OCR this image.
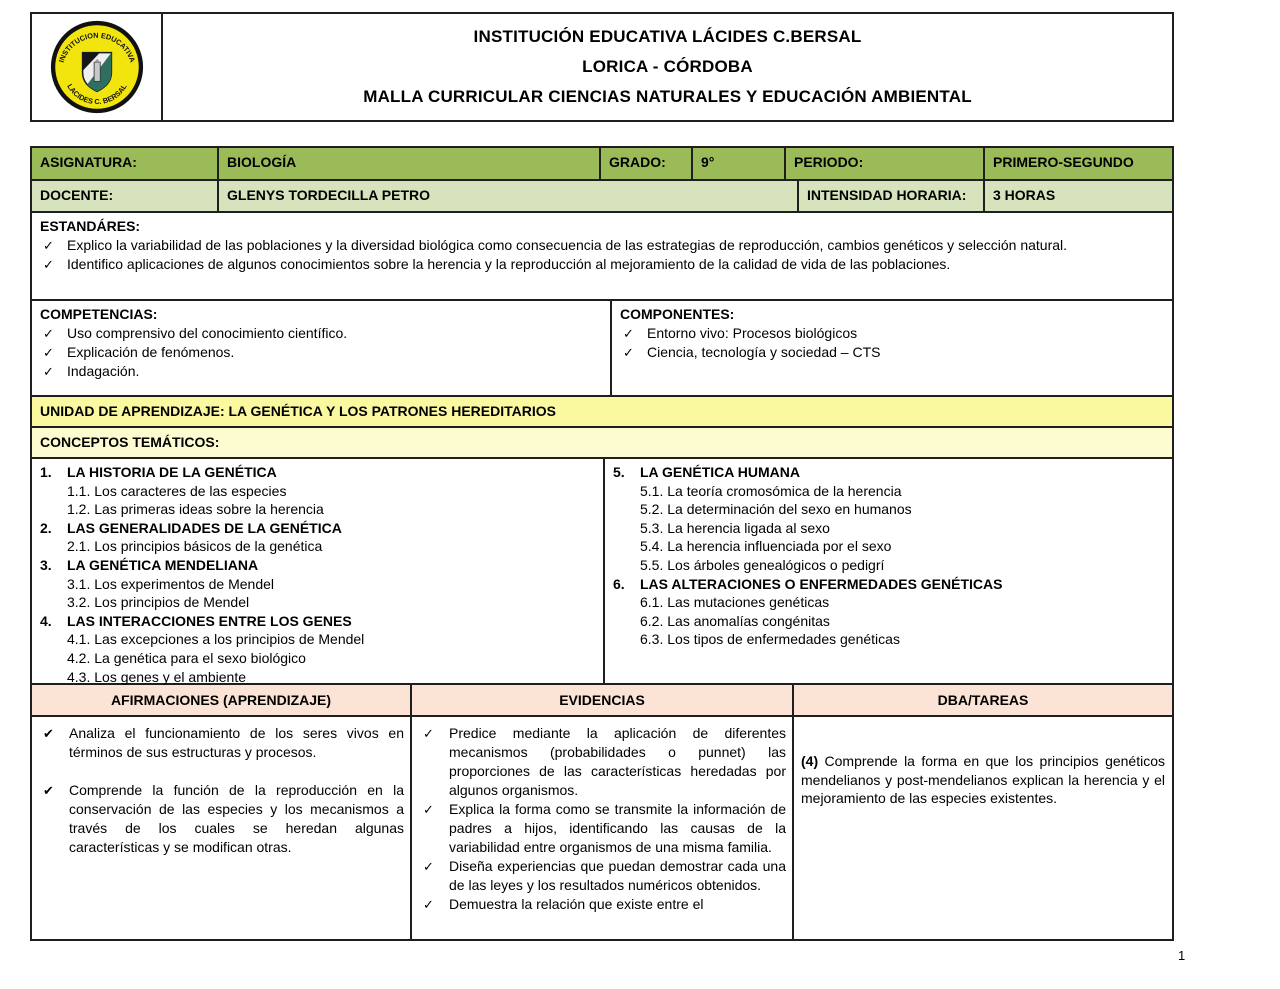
INSTITUCION EDUCATIVA
LACIDES C. BERSAL
INSTITUCIÓN EDUCATIVA LÁCIDES C.BERSAL
LORICA - CÓRDOBA
MALLA CURRICULAR CIENCIAS NATURALES Y EDUCACIÓN AMBIENTAL
ASIGNATURA:	BIOLOGÍA	GRADO:	9°	PERIODO:	PRIMERO-SEGUNDO
DOCENTE:	GLENYS TORDECILLA PETRO	INTENSIDAD HORARIA:	3 HORAS
ESTANDÁRES:
✓ Explico la variabilidad de las poblaciones y la diversidad biológica como consecuencia de las estrategias de reproducción, cambios genéticos y selección natural.
✓ Identifico aplicaciones de algunos conocimientos sobre la herencia y la reproducción al mejoramiento de la calidad de vida de las poblaciones.
COMPETENCIAS:
✓ Uso comprensivo del conocimiento científico.
✓ Explicación de fenómenos.
✓ Indagación.
COMPONENTES:
✓ Entorno vivo: Procesos biológicos
✓ Ciencia, tecnología y sociedad – CTS
UNIDAD DE APRENDIZAJE: LA GENÉTICA Y LOS PATRONES HEREDITARIOS
CONCEPTOS TEMÁTICOS:
1.	LA HISTORIA DE LA GENÉTICA
1.1. Los caracteres de las especies
1.2. Las primeras ideas sobre la herencia
2.	LAS GENERALIDADES DE LA GENÉTICA
2.1. Los principios básicos de la genética
3.	LA GENÉTICA MENDELIANA
3.1. Los experimentos de Mendel
3.2. Los principios de Mendel
4.	LAS INTERACCIONES ENTRE LOS GENES
4.1. Las excepciones a los principios de Mendel
4.2. La genética para el sexo biológico
4.3. Los genes y el ambiente
5.	LA GENÉTICA HUMANA
5.1. La teoría cromosómica de la herencia
5.2. La determinación del sexo en humanos
5.3. La herencia ligada al sexo
5.4. La herencia influenciada por el sexo
5.5. Los árboles genealógicos o pedigrí
6.	LAS ALTERACIONES O ENFERMEDADES GENÉTICAS
6.1. Las mutaciones genéticas
6.2. Las anomalías congénitas
6.3. Los tipos de enfermedades genéticas
AFIRMACIONES (APRENDIZAJE)	EVIDENCIAS	DBA/TAREAS
✔	Analiza el funcionamiento de los seres vivos en términos de sus estructuras y procesos.
✔	Comprende la función de la reproducción en la conservación de las especies y los mecanismos a través de los cuales se heredan algunas características y se modifican otras.
✓	Predice mediante la aplicación de diferentes mecanismos (probabilidades o punnet) las proporciones de las características heredadas por algunos organismos.
✓	Explica la forma como se transmite la información de padres a hijos, identificando las causas de la variabilidad entre organismos de una misma familia.
✓	Diseña experiencias que puedan demostrar cada una de las leyes y los resultados numéricos obtenidos.
✓	Demuestra la relación que existe entre el
(4) Comprende la forma en que los principios genéticos mendelianos y post-mendelianos explican la herencia y el mejoramiento de las especies existentes.
1
